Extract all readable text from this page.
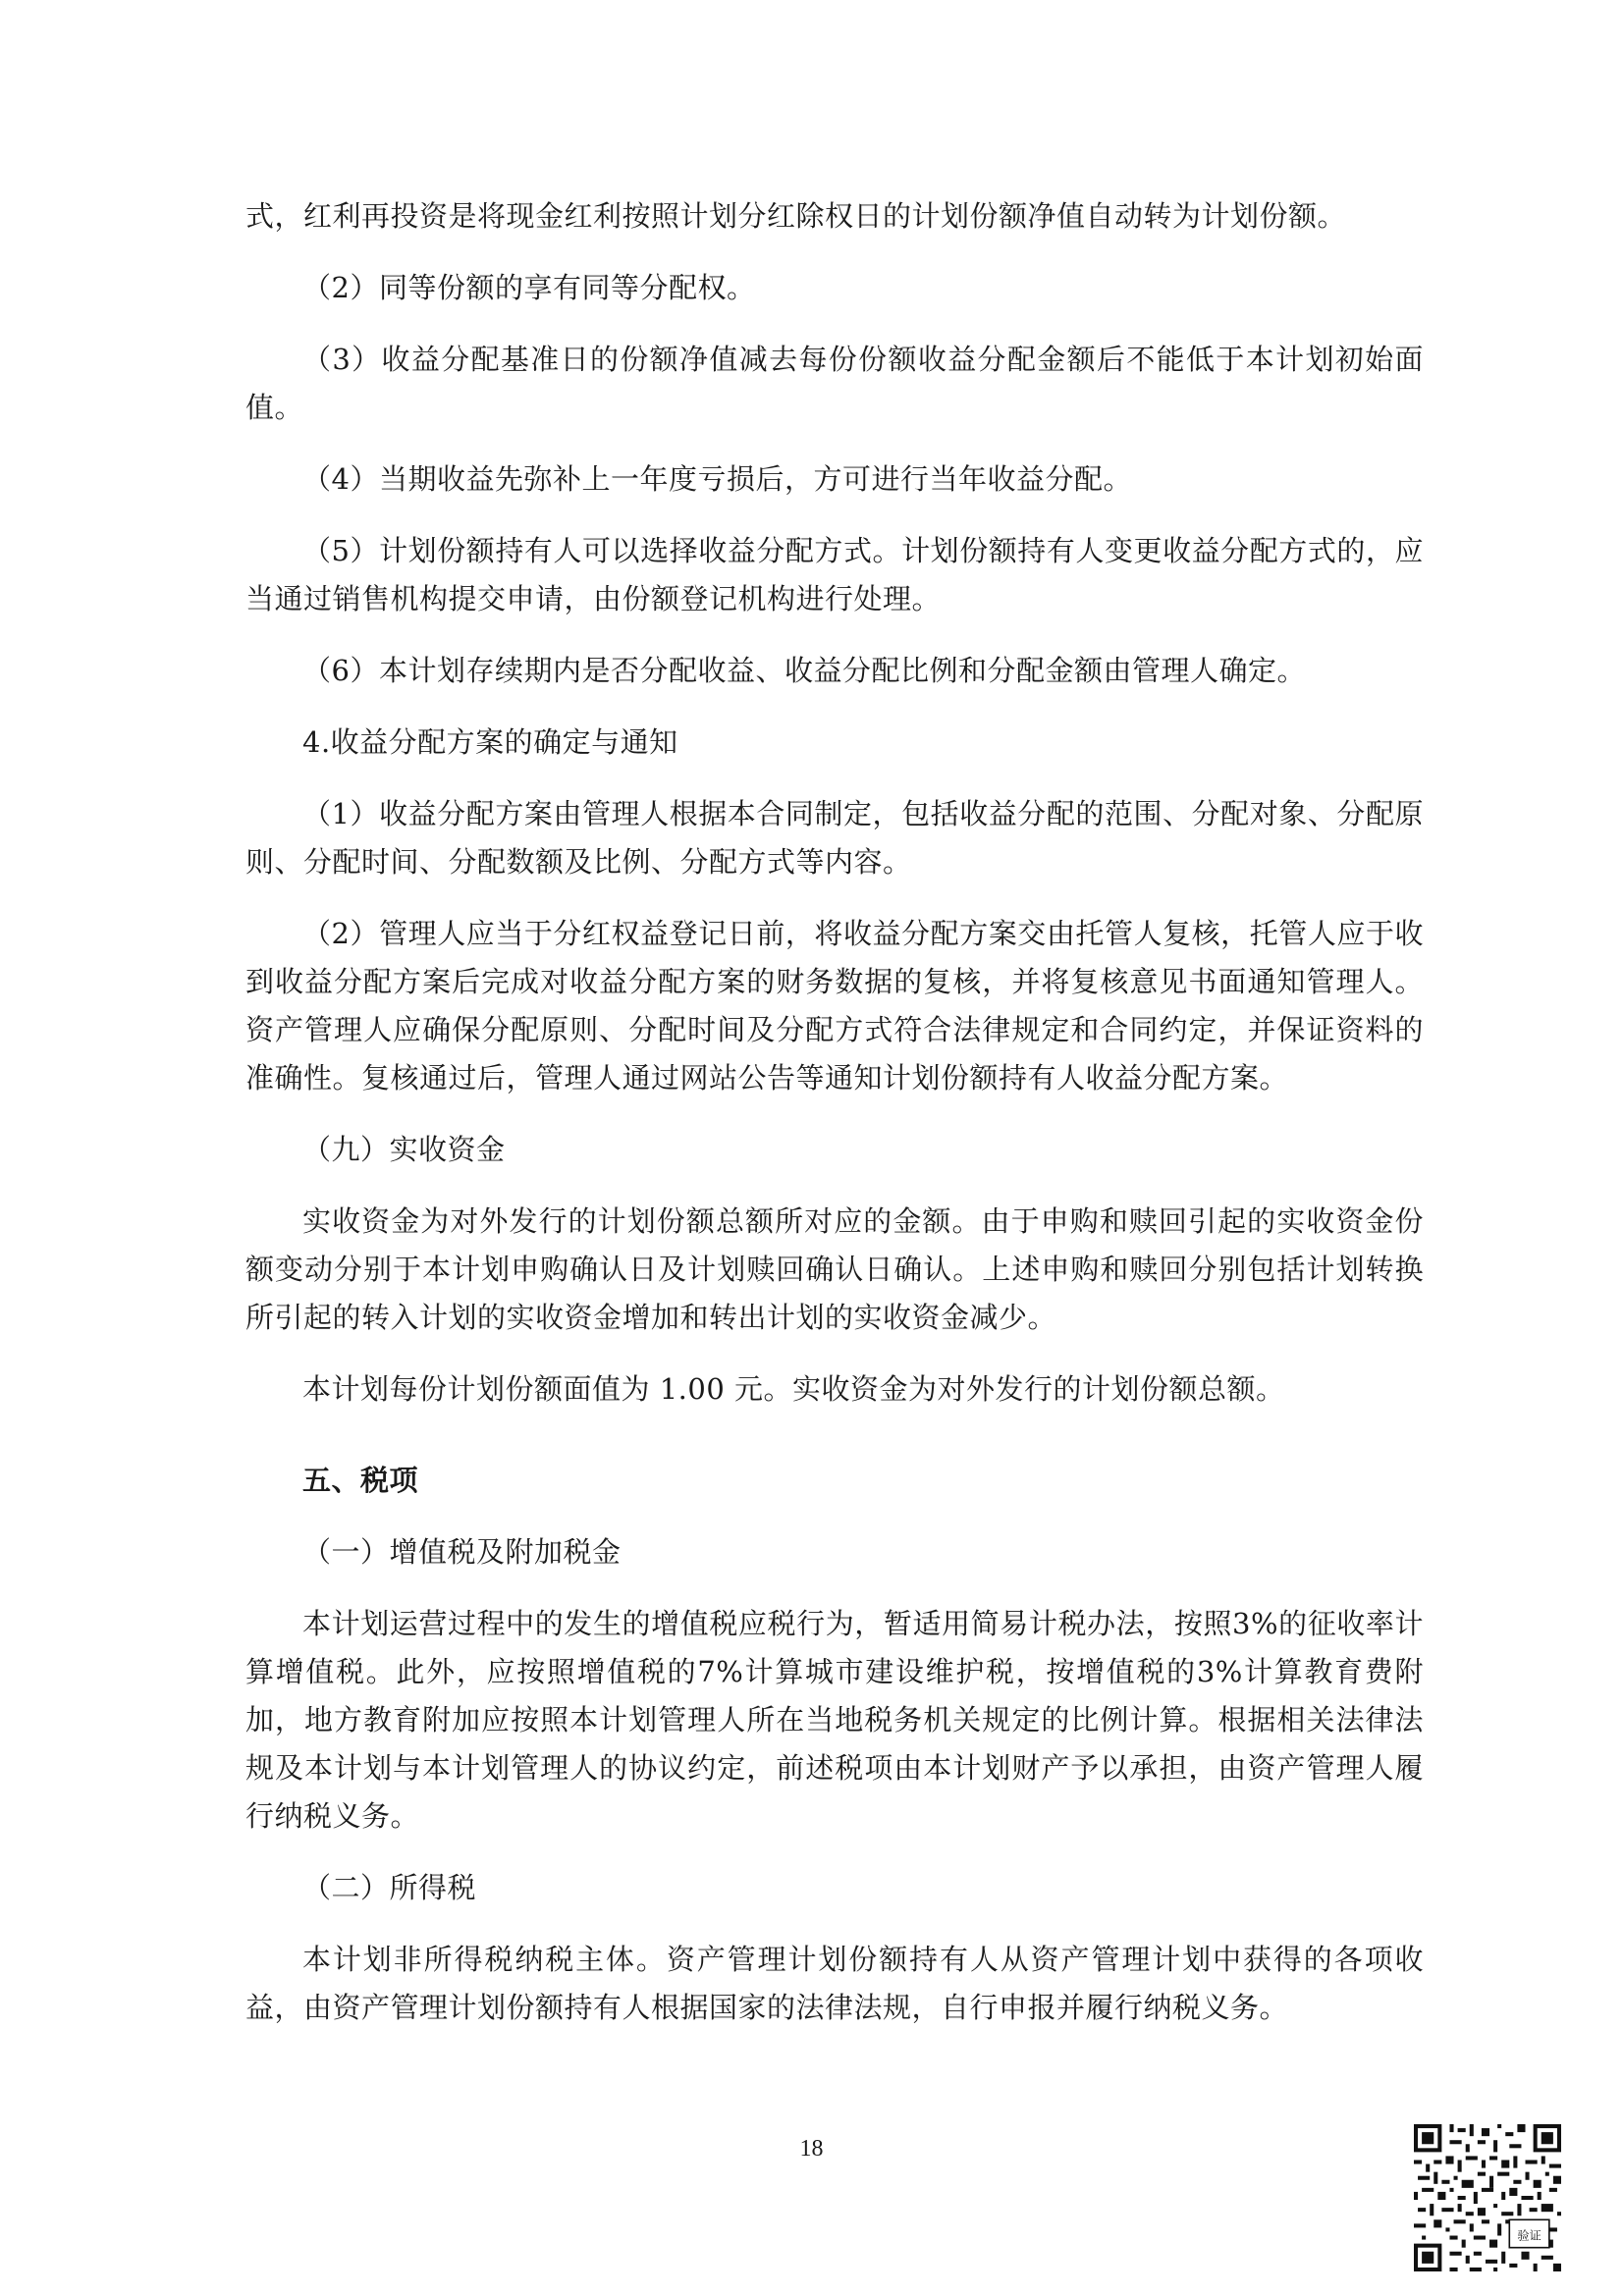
式，红利再投资是将现金红利按照计划分红除权日的计划份额净值自动转为计划份额。

（2）同等份额的享有同等分配权。

（3）收益分配基准日的份额净值减去每份份额收益分配金额后不能低于本计划初始面值。

（4）当期收益先弥补上一年度亏损后，方可进行当年收益分配。

（5）计划份额持有人可以选择收益分配方式。计划份额持有人变更收益分配方式的，应当通过销售机构提交申请，由份额登记机构进行处理。

（6）本计划存续期内是否分配收益、收益分配比例和分配金额由管理人确定。

4.收益分配方案的确定与通知

（1）收益分配方案由管理人根据本合同制定，包括收益分配的范围、分配对象、分配原则、分配时间、分配数额及比例、分配方式等内容。

（2）管理人应当于分红权益登记日前，将收益分配方案交由托管人复核，托管人应于收到收益分配方案后完成对收益分配方案的财务数据的复核，并将复核意见书面通知管理人。资产管理人应确保分配原则、分配时间及分配方式符合法律规定和合同约定，并保证资料的准确性。复核通过后，管理人通过网站公告等通知计划份额持有人收益分配方案。

（九）实收资金

实收资金为对外发行的计划份额总额所对应的金额。由于申购和赎回引起的实收资金份额变动分别于本计划申购确认日及计划赎回确认日确认。上述申购和赎回分别包括计划转换所引起的转入计划的实收资金增加和转出计划的实收资金减少。

本计划每份计划份额面值为 1.00 元。实收资金为对外发行的计划份额总额。

五、税项

（一）增值税及附加税金

本计划运营过程中的发生的增值税应税行为，暂适用简易计税办法，按照3%的征收率计算增值税。此外，应按照增值税的7%计算城市建设维护税，按增值税的3%计算教育费附加，地方教育附加应按照本计划管理人所在当地税务机关规定的比例计算。根据相关法律法规及本计划与本计划管理人的协议约定，前述税项由本计划财产予以承担，由资产管理人履行纳税义务。

（二）所得税

本计划非所得税纳税主体。资产管理计划份额持有人从资产管理计划中获得的各项收益，由资产管理计划份额持有人根据国家的法律法规，自行申报并履行纳税义务。

18
验证
